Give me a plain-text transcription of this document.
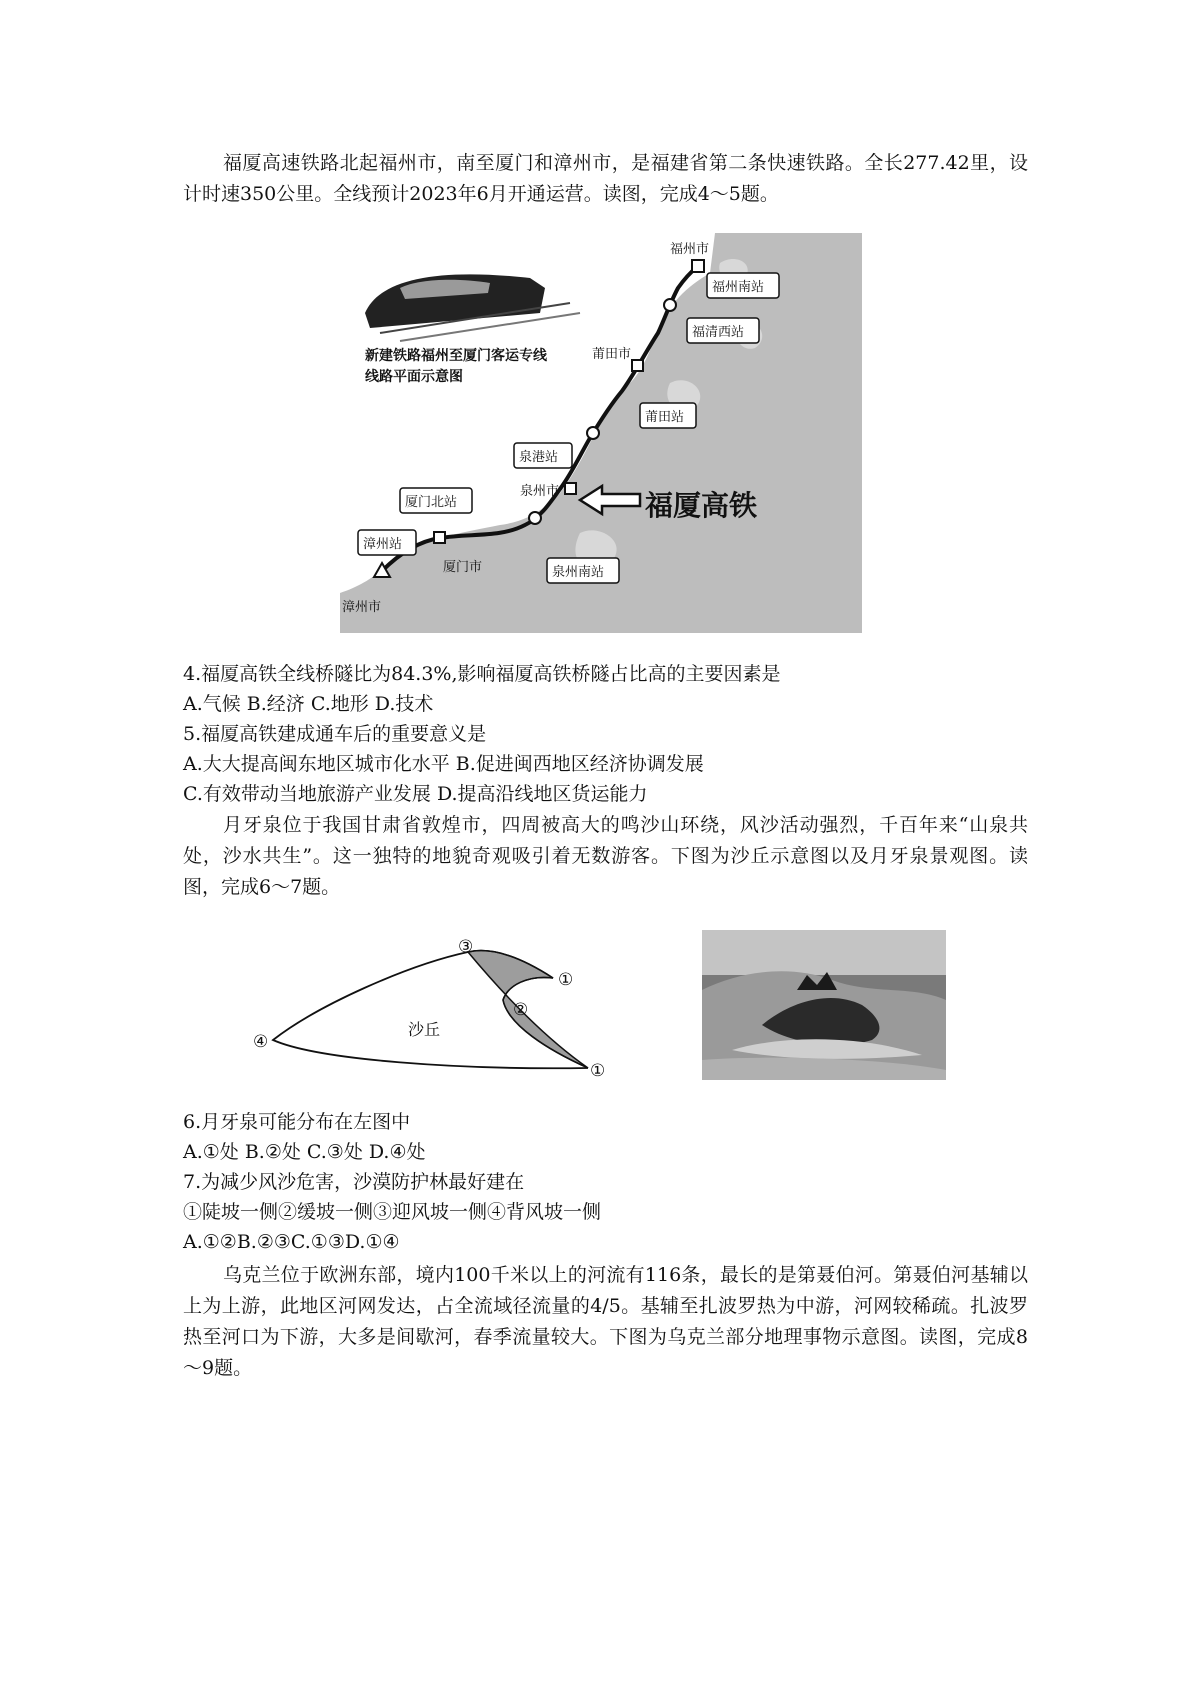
福厦高速铁路北起福州市，南至厦门和漳州市，是福建省第二条快速铁路。全长277.42里，设计时速350公里。全线预计2023年6月开通运营。读图，完成4～5题。

新建铁路福州至厦门客运专线
线路平面示意图
福州市
福州南站
福清西站
莆田市
莆田站
泉港站
泉州市
泉州南站
厦门北站
漳州站
厦门市
漳州市
福厦高铁

4.福厦高铁全线桥隧比为84.3%,影响福厦高铁桥隧占比高的主要因素是

A.气候 B.经济 C.地形 D.技术

5.福厦高铁建成通车后的重要意义是

A.大大提高闽东地区城市化水平 B.促进闽西地区经济协调发展

C.有效带动当地旅游产业发展 D.提高沿线地区货运能力

月牙泉位于我国甘肃省敦煌市，四周被高大的鸣沙山环绕，风沙活动强烈，千百年来“山泉共处，沙水共生”。这一独特的地貌奇观吸引着无数游客。下图为沙丘示意图以及月牙泉景观图。读图，完成6～7题。

沙丘
③
①
②
①
④

6.月牙泉可能分布在左图中

A.①处 B.②处 C.③处 D.④处

7.为减少风沙危害，沙漠防护林最好建在

①陡坡一侧②缓坡一侧③迎风坡一侧④背风坡一侧

A.①②B.②③C.①③D.①④

乌克兰位于欧洲东部，境内100千米以上的河流有116条，最长的是第聂伯河。第聂伯河基辅以上为上游，此地区河网发达，占全流域径流量的4/5。基辅至扎波罗热为中游，河网较稀疏。扎波罗热至河口为下游，大多是间歇河，春季流量较大。下图为乌克兰部分地理事物示意图。读图，完成8～9题。
